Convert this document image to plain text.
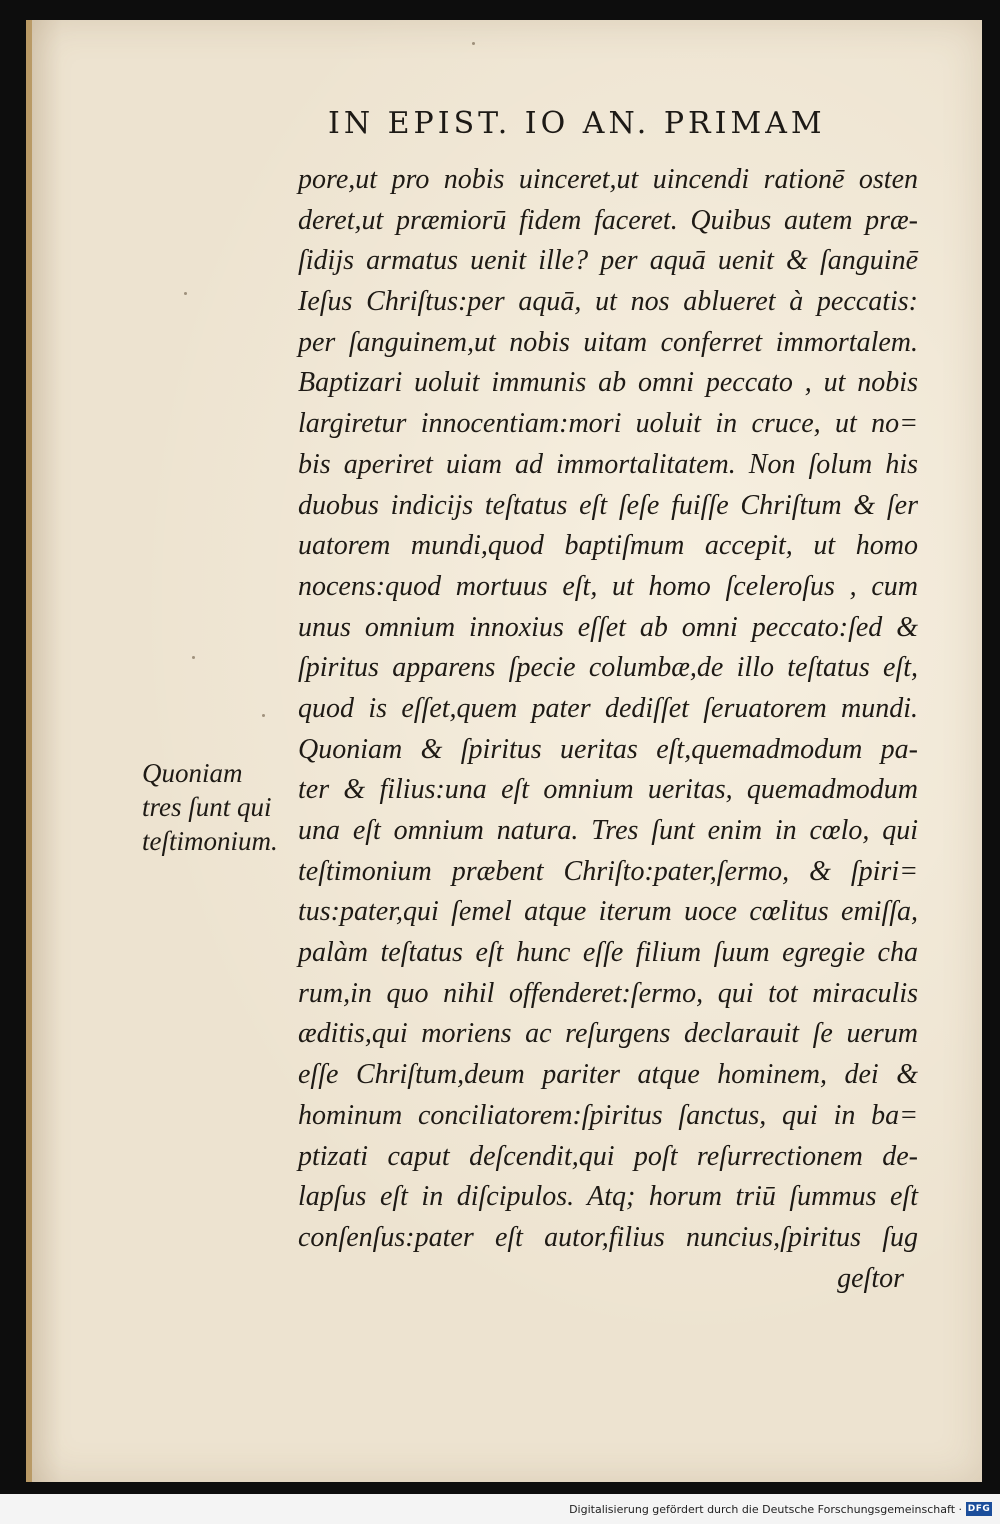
IN EPIST. IO AN. PRIMAM
pore,ut pro nobis uinceret,ut uincendi rationē osten
deret,ut præmiorū fidem faceret. Quibus autem præ-
ſidijs armatus uenit ille? per aquā uenit & ſanguinē
Ieſus Chriſtus:per aquā, ut nos ablueret à peccatis:
per ſanguinem,ut nobis uitam conferret immortalem.
Baptizari uoluit immunis ab omni peccato , ut nobis
largiretur innocentiam:mori uoluit in cruce, ut no=
bis aperiret uiam ad immortalitatem. Non ſolum his
duobus indicijs teſtatus eſt ſeſe fuiſſe Chriſtum & ſer
uatorem mundi,quod baptiſmum accepit, ut homo
nocens:quod mortuus eſt, ut homo ſceleroſus , cum
unus omnium innoxius eſſet ab omni peccato:ſed &
ſpiritus apparens ſpecie columbæ,de illo teſtatus eſt,
quod is eſſet,quem pater dediſſet ſeruatorem mundi.
Quoniam & ſpiritus ueritas eſt,quemadmodum pa-
ter & filius:una eſt omnium ueritas, quemadmodum
una eſt omnium natura. Tres ſunt enim in cœlo, qui
teſtimonium præbent Chriſto:pater,ſermo, & ſpiri=
tus:pater,qui ſemel atque iterum uoce cœlitus emiſſa,
palàm teſtatus eſt hunc eſſe filium ſuum egregie cha
rum,in quo nihil offenderet:ſermo, qui tot miraculis
æditis,qui moriens ac reſurgens declarauit ſe uerum
eſſe Chriſtum,deum pariter atque hominem, dei &
hominum conciliatorem:ſpiritus ſanctus, qui in ba=
ptizati caput deſcendit,qui poſt reſurrectionem de-
lapſus eſt in diſcipulos. Atq; horum triū ſummus eſt
conſenſus:pater eſt autor,filius nuncius,ſpiritus ſug
geſtor
Quoniam
tres ſunt qui
teſtimonium.
Digitalisierung gefördert durch die Deutsche Forschungsgemeinschaft · DFG
